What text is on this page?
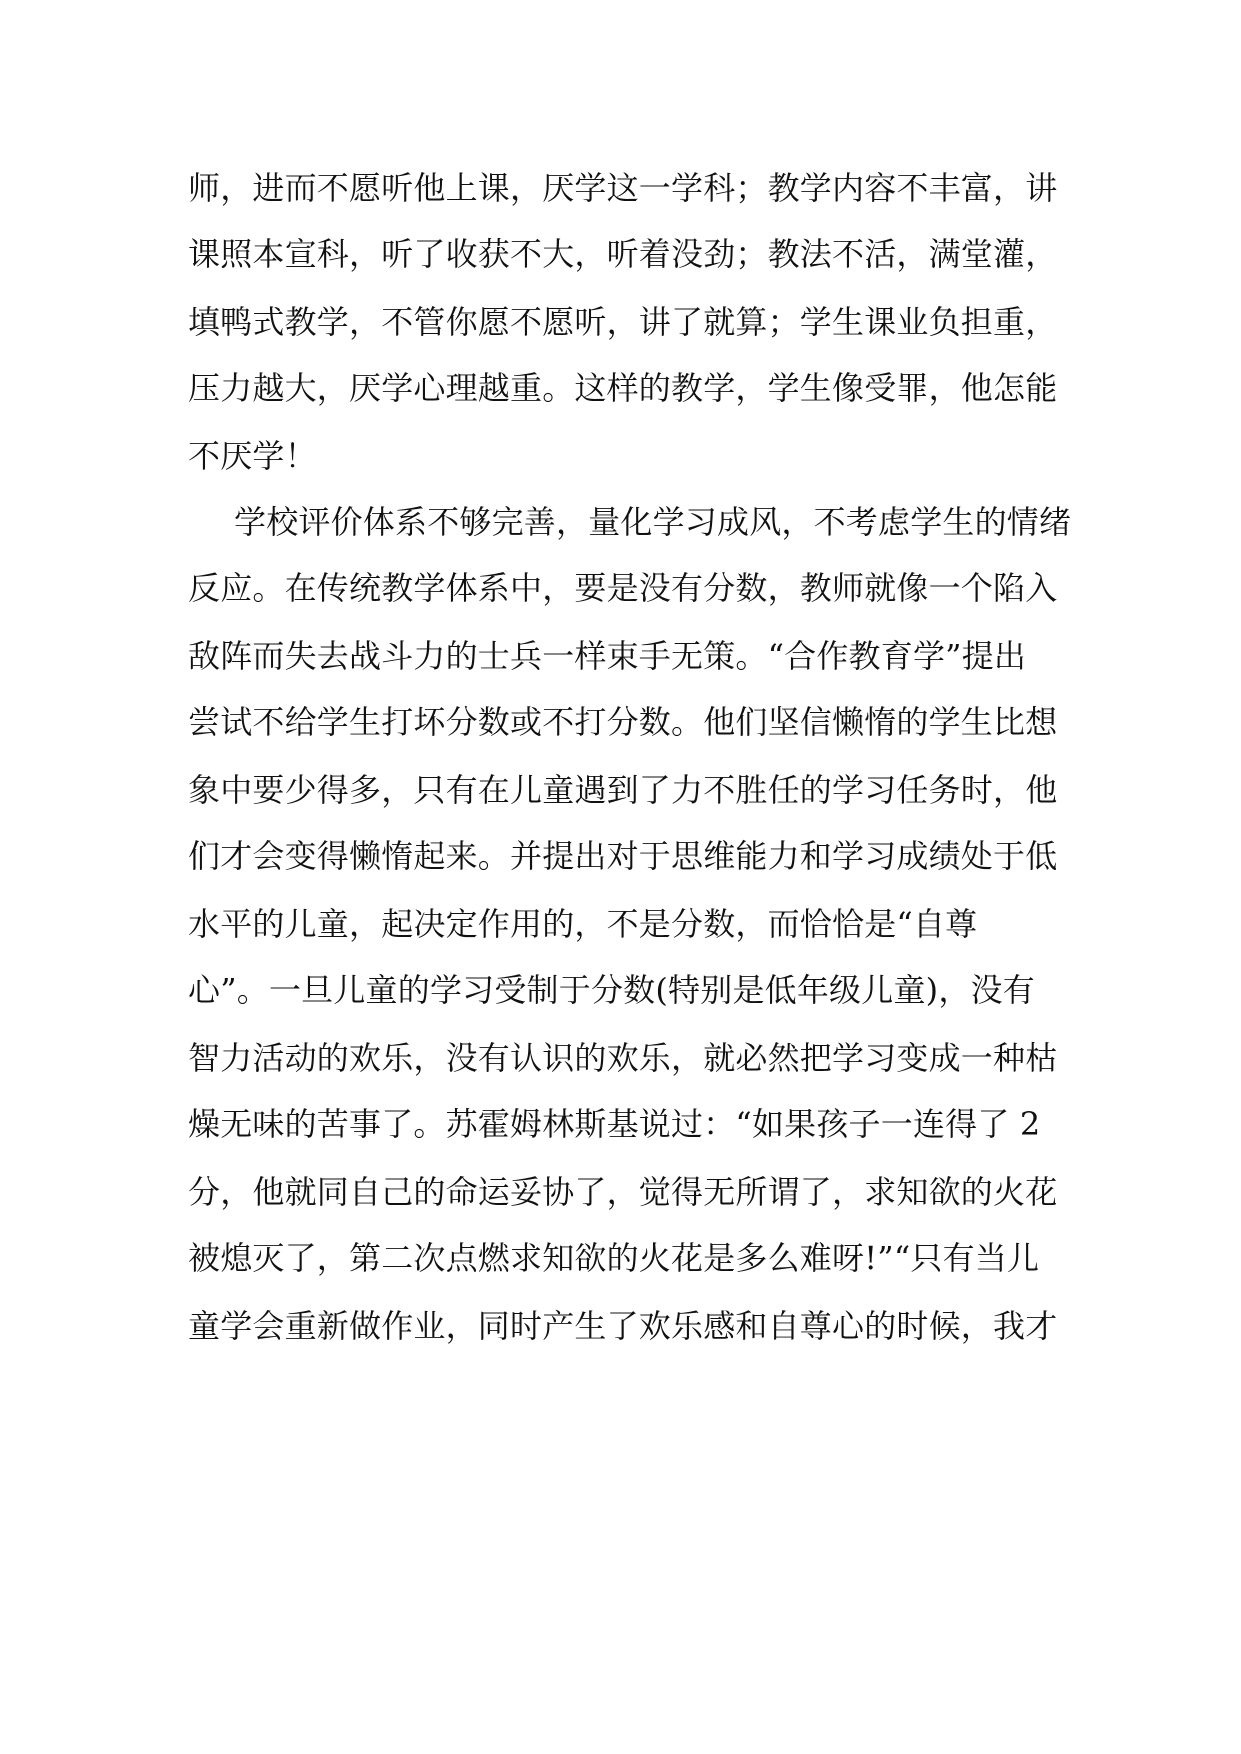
师，进而不愿听他上课，厌学这一学科；教学内容不丰富，讲
课照本宣科，听了收获不大，听着没劲；教法不活，满堂灌，
填鸭式教学，不管你愿不愿听，讲了就算；学生课业负担重，
压力越大，厌学心理越重。这样的教学，学生像受罪，他怎能
不厌学！
学校评价体系不够完善，量化学习成风，不考虑学生的情绪
反应。在传统教学体系中，要是没有分数，教师就像一个陷入
敌阵而失去战斗力的士兵一样束手无策。“合作教育学”提出
尝试不给学生打坏分数或不打分数。他们坚信懒惰的学生比想
象中要少得多，只有在儿童遇到了力不胜任的学习任务时，他
们才会变得懒惰起来。并提出对于思维能力和学习成绩处于低
水平的儿童，起决定作用的，不是分数，而恰恰是“自尊
心”。一旦儿童的学习受制于分数(特别是低年级儿童)，没有
智力活动的欢乐，没有认识的欢乐，就必然把学习变成一种枯
燥无味的苦事了。苏霍姆林斯基说过：“如果孩子一连得了 2
分，他就同自己的命运妥协了，觉得无所谓了，求知欲的火花
被熄灭了，第二次点燃求知欲的火花是多么难呀!”“只有当儿
童学会重新做作业，同时产生了欢乐感和自尊心的时候，我才
